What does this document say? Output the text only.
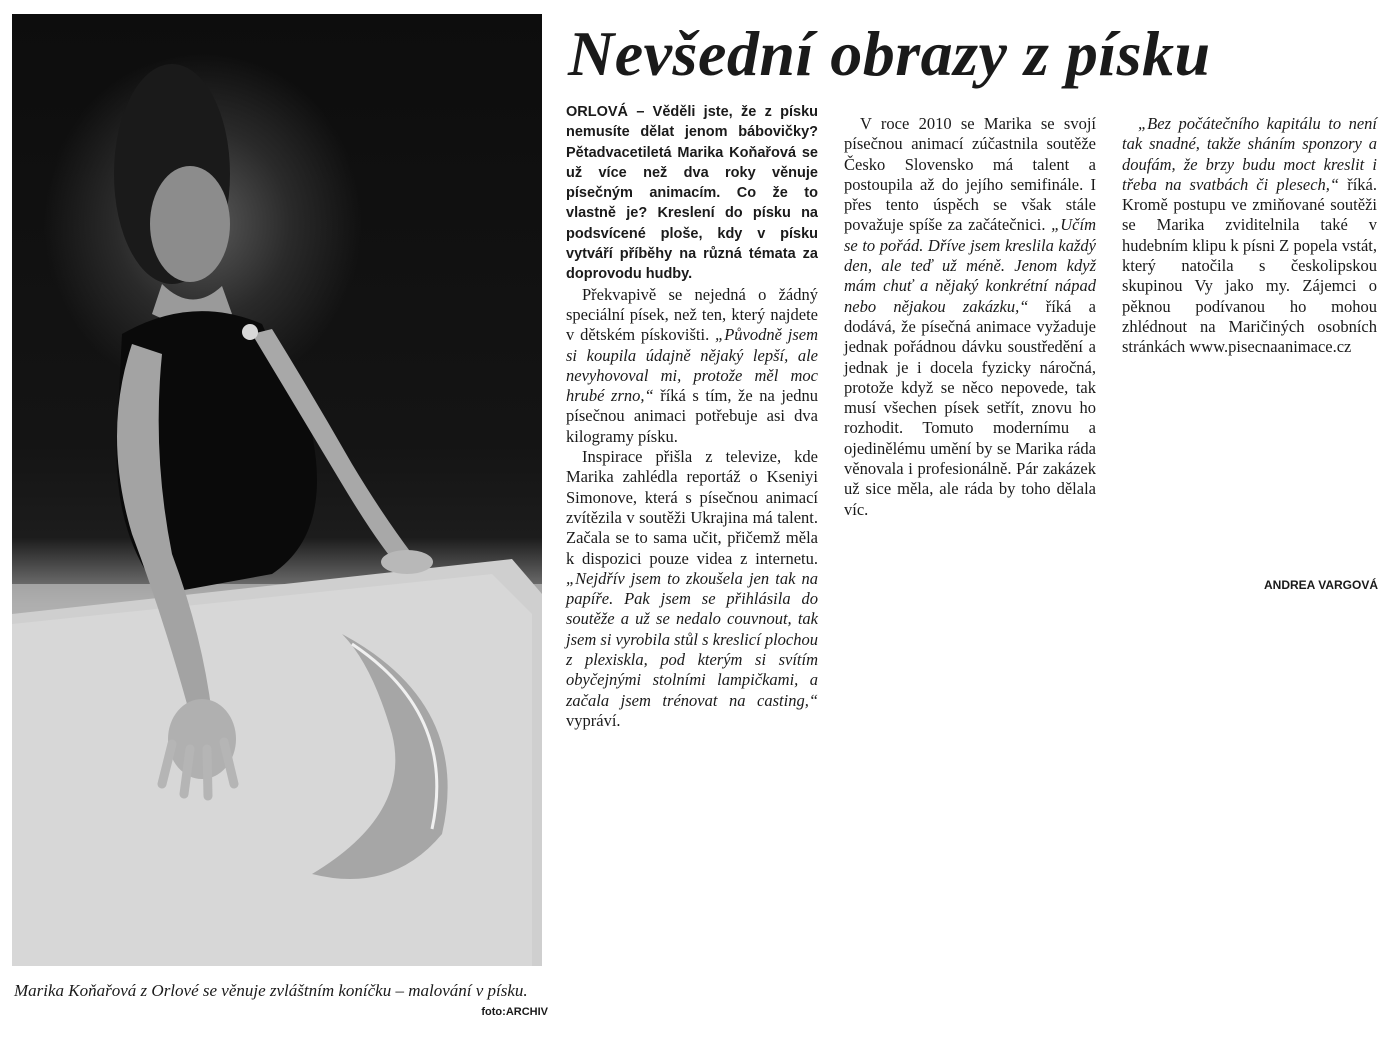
Marika Koňařová z Orlové se věnuje zvláštním koníčku – malování v písku.
foto:ARCHIV
Nevšední obrazy z písku

ORLOVÁ – Věděli jste, že z písku nemusíte dělat jenom bábovičky? Pětadvacetiletá Marika Koňařová se už více než dva roky věnuje písečným animacím. Co že to vlastně je? Kreslení do písku na podsvícené ploše, kdy v písku vytváří příběhy na různá témata za doprovodu hudby.

Překvapivě se nejedná o žádný speciální písek, než ten, který najdete v dětském pískovišti. „Původně jsem si koupila údajně nějaký lepší, ale nevyhovoval mi, protože měl moc hrubé zrno,“ říká s tím, že na jednu písečnou animaci potřebuje asi dva kilogramy písku.

Inspirace přišla z televize, kde Marika zahlédla reportáž o Kseniyi Simonove, která s písečnou animací zvítězila v soutěži Ukrajina má talent. Začala se to sama učit, přičemž měla k dispozici pouze videa z internetu. „Nejdřív jsem to zkoušela jen tak na papíře. Pak jsem se přihlásila do soutěže a už se nedalo couvnout, tak jsem si vyrobila stůl s kreslicí plochou z plexiskla, pod kterým si svítím obyčejnými stolními lampičkami, a začala jsem trénovat na casting,“ vypráví.

V roce 2010 se Marika se svojí písečnou animací zúčastnila soutěže Česko Slovensko má talent a postoupila až do jejího semifinále. I přes tento úspěch se však stále považuje spíše za začátečnici. „Učím se to pořád. Dříve jsem kreslila každý den, ale teď už méně. Jenom když mám chuť a nějaký konkrétní nápad nebo nějakou zakázku,“ říká a dodává, že písečná animace vyžaduje jednak pořádnou dávku soustředění a jednak je i docela fyzicky náročná, protože když se něco nepovede, tak musí všechen písek setřít, znovu ho rozhodit. Tomuto modernímu a ojedinělému umění by se Marika ráda věnovala i profesionálně. Pár zakázek už sice měla, ale ráda by toho dělala víc.

„Bez počátečního kapitálu to není tak snadné, takže sháním sponzory a doufám, že brzy budu moct kreslit i třeba na svatbách či plesech,“ říká. Kromě postupu ve zmiňované soutěži se Marika zviditelnila také v hudebním klipu k písni Z popela vstát, který natočila s českolipskou skupinou Vy jako my. Zájemci o pěknou podívanou ho mohou zhlédnout na Maričiných osobních stránkách www.pisecnaanimace.cz

ANDREA VARGOVÁ
